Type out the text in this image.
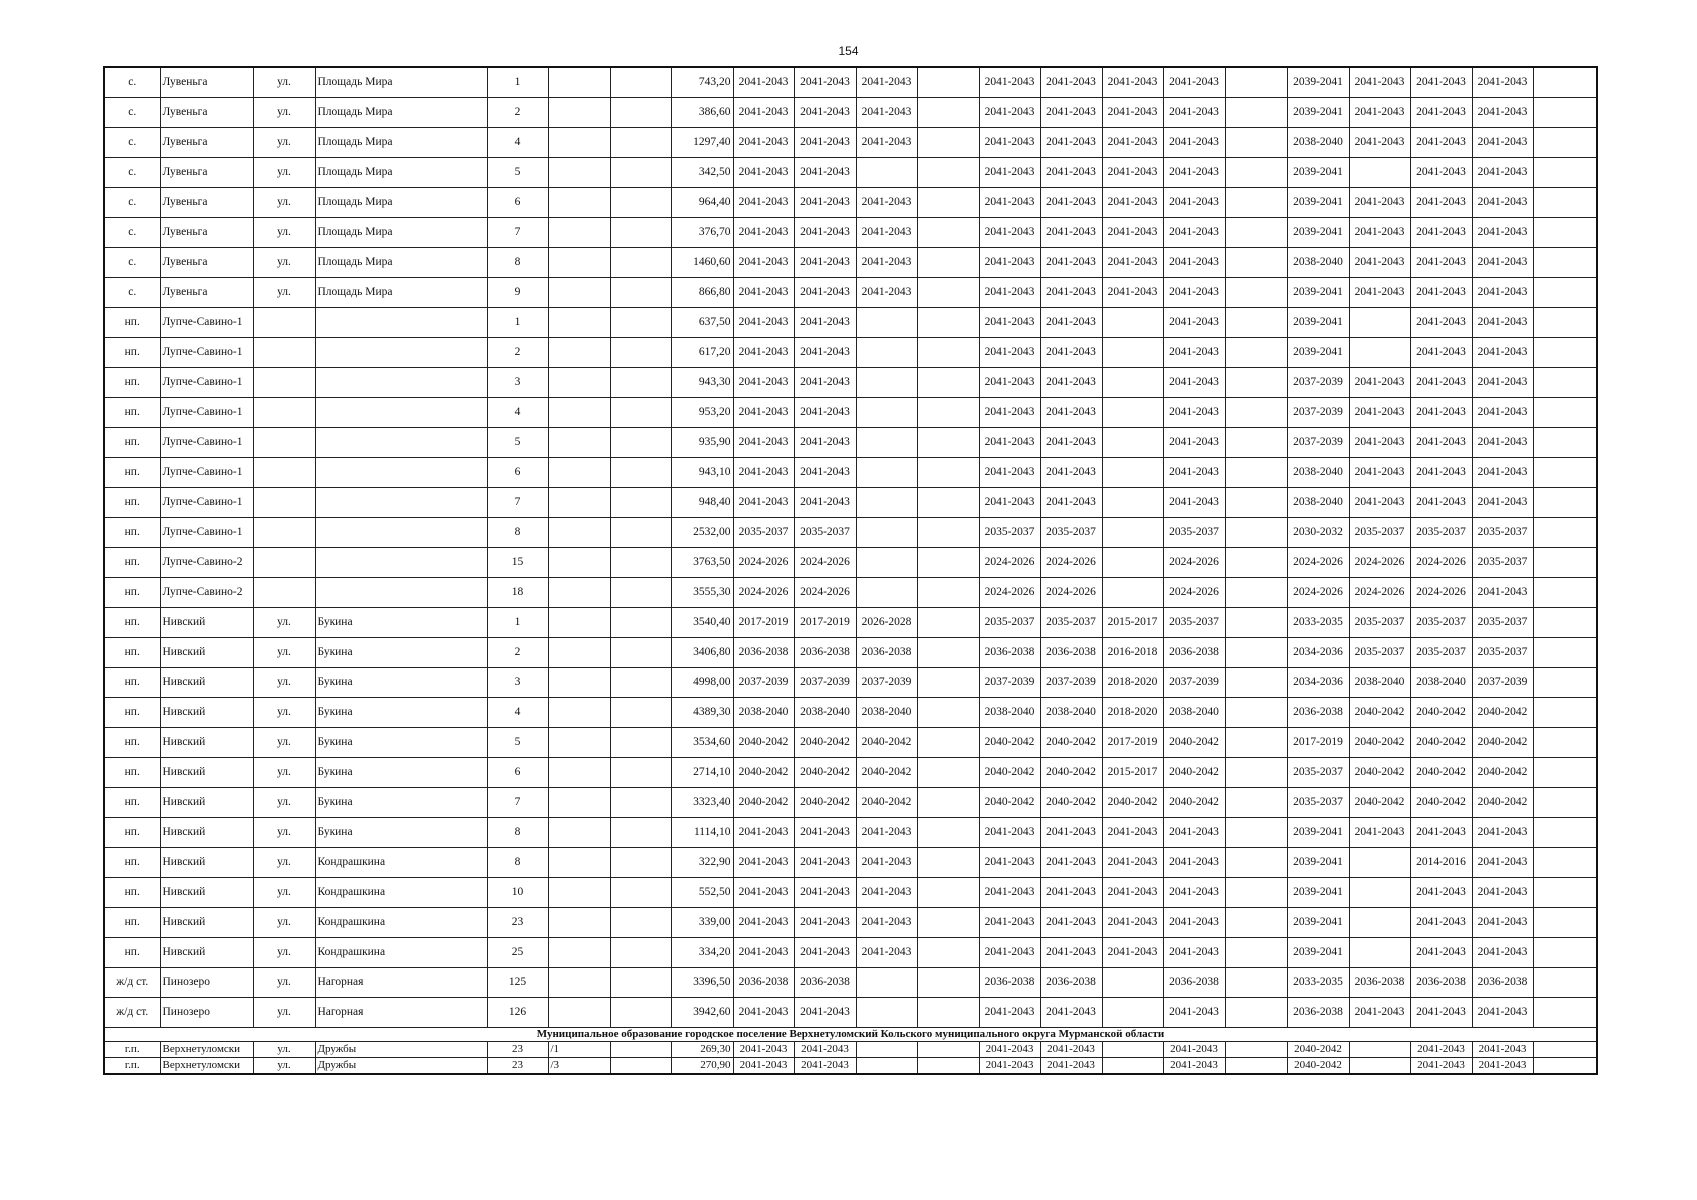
154
с.	Лувеньга	ул.	Площадь Мира	1			743,20	2041-2043	2041-2043	2041-2043		2041-2043	2041-2043	2041-2043	2041-2043		2039-2041	2041-2043	2041-2043	2041-2043	
с.	Лувеньга	ул.	Площадь Мира	2			386,60	2041-2043	2041-2043	2041-2043		2041-2043	2041-2043	2041-2043	2041-2043		2039-2041	2041-2043	2041-2043	2041-2043	
с.	Лувеньга	ул.	Площадь Мира	4			1297,40	2041-2043	2041-2043	2041-2043		2041-2043	2041-2043	2041-2043	2041-2043		2038-2040	2041-2043	2041-2043	2041-2043	
с.	Лувеньга	ул.	Площадь Мира	5			342,50	2041-2043	2041-2043			2041-2043	2041-2043	2041-2043	2041-2043		2039-2041		2041-2043	2041-2043	
с.	Лувеньга	ул.	Площадь Мира	6			964,40	2041-2043	2041-2043	2041-2043		2041-2043	2041-2043	2041-2043	2041-2043		2039-2041	2041-2043	2041-2043	2041-2043	
с.	Лувеньга	ул.	Площадь Мира	7			376,70	2041-2043	2041-2043	2041-2043		2041-2043	2041-2043	2041-2043	2041-2043		2039-2041	2041-2043	2041-2043	2041-2043	
с.	Лувеньга	ул.	Площадь Мира	8			1460,60	2041-2043	2041-2043	2041-2043		2041-2043	2041-2043	2041-2043	2041-2043		2038-2040	2041-2043	2041-2043	2041-2043	
с.	Лувеньга	ул.	Площадь Мира	9			866,80	2041-2043	2041-2043	2041-2043		2041-2043	2041-2043	2041-2043	2041-2043		2039-2041	2041-2043	2041-2043	2041-2043	
нп.	Лупче-Савино-1			1			637,50	2041-2043	2041-2043			2041-2043	2041-2043		2041-2043		2039-2041		2041-2043	2041-2043	
нп.	Лупче-Савино-1			2			617,20	2041-2043	2041-2043			2041-2043	2041-2043		2041-2043		2039-2041		2041-2043	2041-2043	
нп.	Лупче-Савино-1			3			943,30	2041-2043	2041-2043			2041-2043	2041-2043		2041-2043		2037-2039	2041-2043	2041-2043	2041-2043	
нп.	Лупче-Савино-1			4			953,20	2041-2043	2041-2043			2041-2043	2041-2043		2041-2043		2037-2039	2041-2043	2041-2043	2041-2043	
нп.	Лупче-Савино-1			5			935,90	2041-2043	2041-2043			2041-2043	2041-2043		2041-2043		2037-2039	2041-2043	2041-2043	2041-2043	
нп.	Лупче-Савино-1			6			943,10	2041-2043	2041-2043			2041-2043	2041-2043		2041-2043		2038-2040	2041-2043	2041-2043	2041-2043	
нп.	Лупче-Савино-1			7			948,40	2041-2043	2041-2043			2041-2043	2041-2043		2041-2043		2038-2040	2041-2043	2041-2043	2041-2043	
нп.	Лупче-Савино-1			8			2532,00	2035-2037	2035-2037			2035-2037	2035-2037		2035-2037		2030-2032	2035-2037	2035-2037	2035-2037	
нп.	Лупче-Савино-2			15			3763,50	2024-2026	2024-2026			2024-2026	2024-2026		2024-2026		2024-2026	2024-2026	2024-2026	2035-2037	
нп.	Лупче-Савино-2			18			3555,30	2024-2026	2024-2026			2024-2026	2024-2026		2024-2026		2024-2026	2024-2026	2024-2026	2041-2043	
нп.	Нивский	ул.	Букина	1			3540,40	2017-2019	2017-2019	2026-2028		2035-2037	2035-2037	2015-2017	2035-2037		2033-2035	2035-2037	2035-2037	2035-2037	
нп.	Нивский	ул.	Букина	2			3406,80	2036-2038	2036-2038	2036-2038		2036-2038	2036-2038	2016-2018	2036-2038		2034-2036	2035-2037	2035-2037	2035-2037	
нп.	Нивский	ул.	Букина	3			4998,00	2037-2039	2037-2039	2037-2039		2037-2039	2037-2039	2018-2020	2037-2039		2034-2036	2038-2040	2038-2040	2037-2039	
нп.	Нивский	ул.	Букина	4			4389,30	2038-2040	2038-2040	2038-2040		2038-2040	2038-2040	2018-2020	2038-2040		2036-2038	2040-2042	2040-2042	2040-2042	
нп.	Нивский	ул.	Букина	5			3534,60	2040-2042	2040-2042	2040-2042		2040-2042	2040-2042	2017-2019	2040-2042		2017-2019	2040-2042	2040-2042	2040-2042	
нп.	Нивский	ул.	Букина	6			2714,10	2040-2042	2040-2042	2040-2042		2040-2042	2040-2042	2015-2017	2040-2042		2035-2037	2040-2042	2040-2042	2040-2042	
нп.	Нивский	ул.	Букина	7			3323,40	2040-2042	2040-2042	2040-2042		2040-2042	2040-2042	2040-2042	2040-2042		2035-2037	2040-2042	2040-2042	2040-2042	
нп.	Нивский	ул.	Букина	8			1114,10	2041-2043	2041-2043	2041-2043		2041-2043	2041-2043	2041-2043	2041-2043		2039-2041	2041-2043	2041-2043	2041-2043	
нп.	Нивский	ул.	Кондрашкина	8			322,90	2041-2043	2041-2043	2041-2043		2041-2043	2041-2043	2041-2043	2041-2043		2039-2041		2014-2016	2041-2043	
нп.	Нивский	ул.	Кондрашкина	10			552,50	2041-2043	2041-2043	2041-2043		2041-2043	2041-2043	2041-2043	2041-2043		2039-2041		2041-2043	2041-2043	
нп.	Нивский	ул.	Кондрашкина	23			339,00	2041-2043	2041-2043	2041-2043		2041-2043	2041-2043	2041-2043	2041-2043		2039-2041		2041-2043	2041-2043	
нп.	Нивский	ул.	Кондрашкина	25			334,20	2041-2043	2041-2043	2041-2043		2041-2043	2041-2043	2041-2043	2041-2043		2039-2041		2041-2043	2041-2043	
ж/д ст.	Пинозеро	ул.	Нагорная	125			3396,50	2036-2038	2036-2038			2036-2038	2036-2038		2036-2038		2033-2035	2036-2038	2036-2038	2036-2038	
ж/д ст.	Пинозеро	ул.	Нагорная	126			3942,60	2041-2043	2041-2043			2041-2043	2041-2043		2041-2043		2036-2038	2041-2043	2041-2043	2041-2043	
Муниципальное образование городское поселение Верхнетуломский Кольского муниципального округа Мурманской области																					
г.п.	Верхнетуломски	ул.	Дружбы	23	/1		269,30	2041-2043	2041-2043			2041-2043	2041-2043		2041-2043		2040-2042		2041-2043	2041-2043	
г.п.	Верхнетуломски	ул.	Дружбы	23	/3		270,90	2041-2043	2041-2043			2041-2043	2041-2043		2041-2043		2040-2042		2041-2043	2041-2043	
